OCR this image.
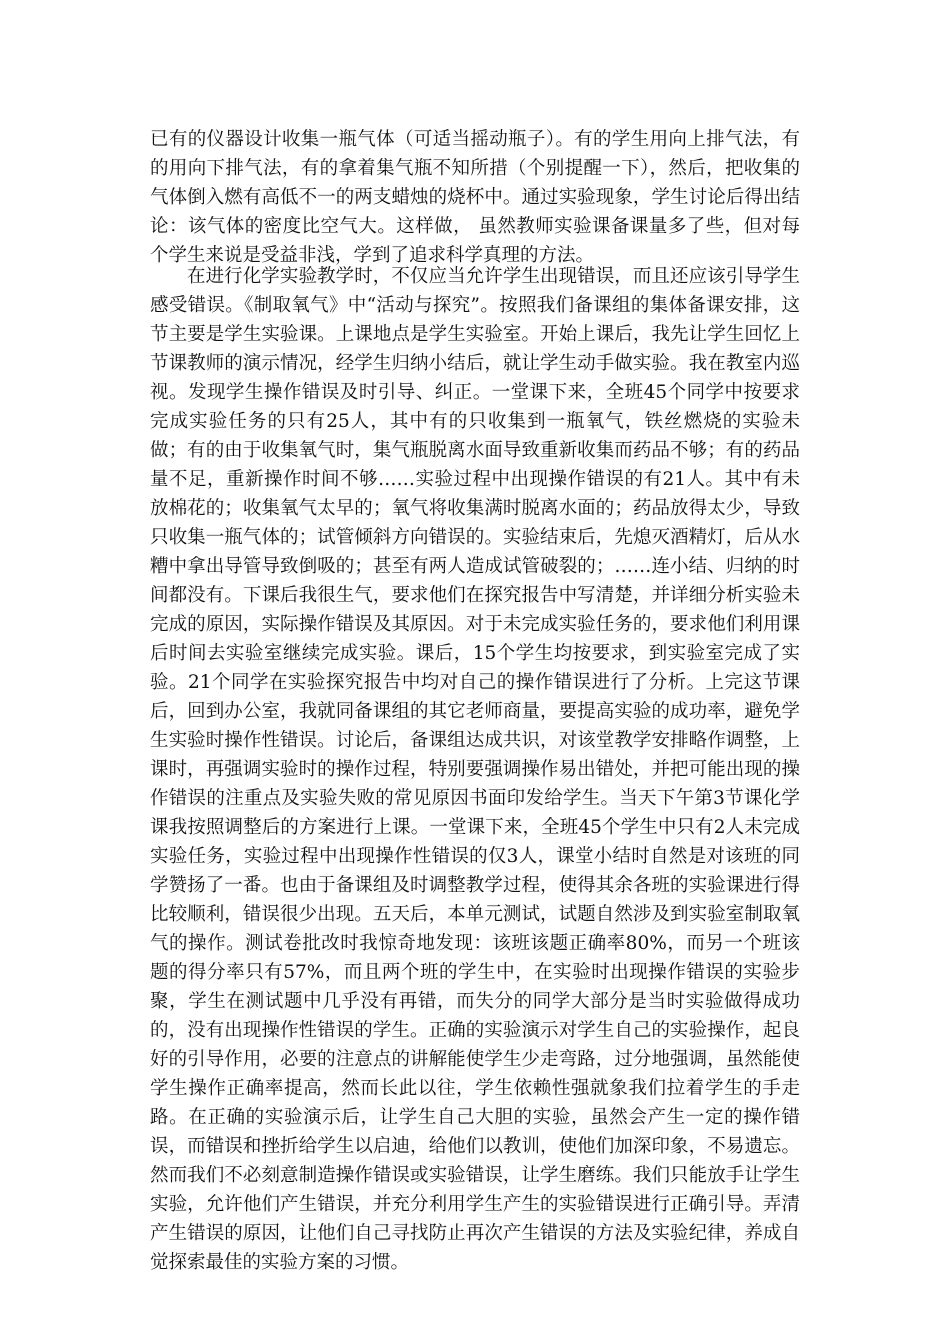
已有的仪器设计收集一瓶气体（可适当摇动瓶子）。有的学生用向上排气法，有的用向下排气法，有的拿着集气瓶不知所措（个别提醒一下），然后，把收集的气体倒入燃有高低不一的两支蜡烛的烧杯中。通过实验现象，学生讨论后得出结论：该气体的密度比空气大。这样做， 虽然教师实验课备课量多了些，但对每个学生来说是受益非浅，学到了追求科学真理的方法。

在进行化学实验教学时，不仅应当允许学生出现错误，而且还应该引导学生感受错误。《制取氧气》中“活动与探究”。按照我们备课组的集体备课安排，这节主要是学生实验课。上课地点是学生实验室。开始上课后，我先让学生回忆上节课教师的演示情况，经学生归纳小结后，就让学生动手做实验。我在教室内巡视。发现学生操作错误及时引导、纠正。一堂课下来，全班45个同学中按要求完成实验任务的只有25人，其中有的只收集到一瓶氧气，铁丝燃烧的实验未做；有的由于收集氧气时，集气瓶脱离水面导致重新收集而药品不够；有的药品量不足，重新操作时间不够……实验过程中出现操作错误的有21人。其中有未放棉花的；收集氧气太早的；氧气将收集满时脱离水面的；药品放得太少，导致只收集一瓶气体的；试管倾斜方向错误的。实验结束后，先熄灭酒精灯，后从水糟中拿出导管导致倒吸的；甚至有两人造成试管破裂的；……连小结、归纳的时间都没有。下课后我很生气，要求他们在探究报告中写清楚，并详细分析实验未完成的原因，实际操作错误及其原因。对于未完成实验任务的，要求他们利用课后时间去实验室继续完成实验。课后，15个学生均按要求，到实验室完成了实验。21个同学在实验探究报告中均对自己的操作错误进行了分析。上完这节课后，回到办公室，我就同备课组的其它老师商量，要提高实验的成功率，避免学生实验时操作性错误。讨论后，备课组达成共识，对该堂教学安排略作调整，上课时，再强调实验时的操作过程，特别要强调操作易出错处，并把可能出现的操作错误的注重点及实验失败的常见原因书面印发给学生。当天下午第3节课化学课我按照调整后的方案进行上课。一堂课下来，全班45个学生中只有2人未完成实验任务，实验过程中出现操作性错误的仅3人，课堂小结时自然是对该班的同学赞扬了一番。也由于备课组及时调整教学过程，使得其余各班的实验课进行得比较顺利，错误很少出现。五天后，本单元测试，试题自然涉及到实验室制取氧气的操作。测试卷批改时我惊奇地发现：该班该题正确率80%，而另一个班该题的得分率只有57%，而且两个班的学生中，在实验时出现操作错误的实验步聚，学生在测试题中几乎没有再错，而失分的同学大部分是当时实验做得成功的，没有出现操作性错误的学生。正确的实验演示对学生自己的实验操作，起良好的引导作用，必要的注意点的讲解能使学生少走弯路，过分地强调，虽然能使学生操作正确率提高，然而长此以往，学生依赖性强就象我们拉着学生的手走路。在正确的实验演示后，让学生自己大胆的实验，虽然会产生一定的操作错误，而错误和挫折给学生以启迪，给他们以教训，使他们加深印象，不易遗忘。然而我们不必刻意制造操作错误或实验错误，让学生磨练。我们只能放手让学生实验，允许他们产生错误，并充分利用学生产生的实验错误进行正确引导。弄清产生错误的原因，让他们自己寻找防止再次产生错误的方法及实验纪律，养成自觉探索最佳的实验方案的习惯。
